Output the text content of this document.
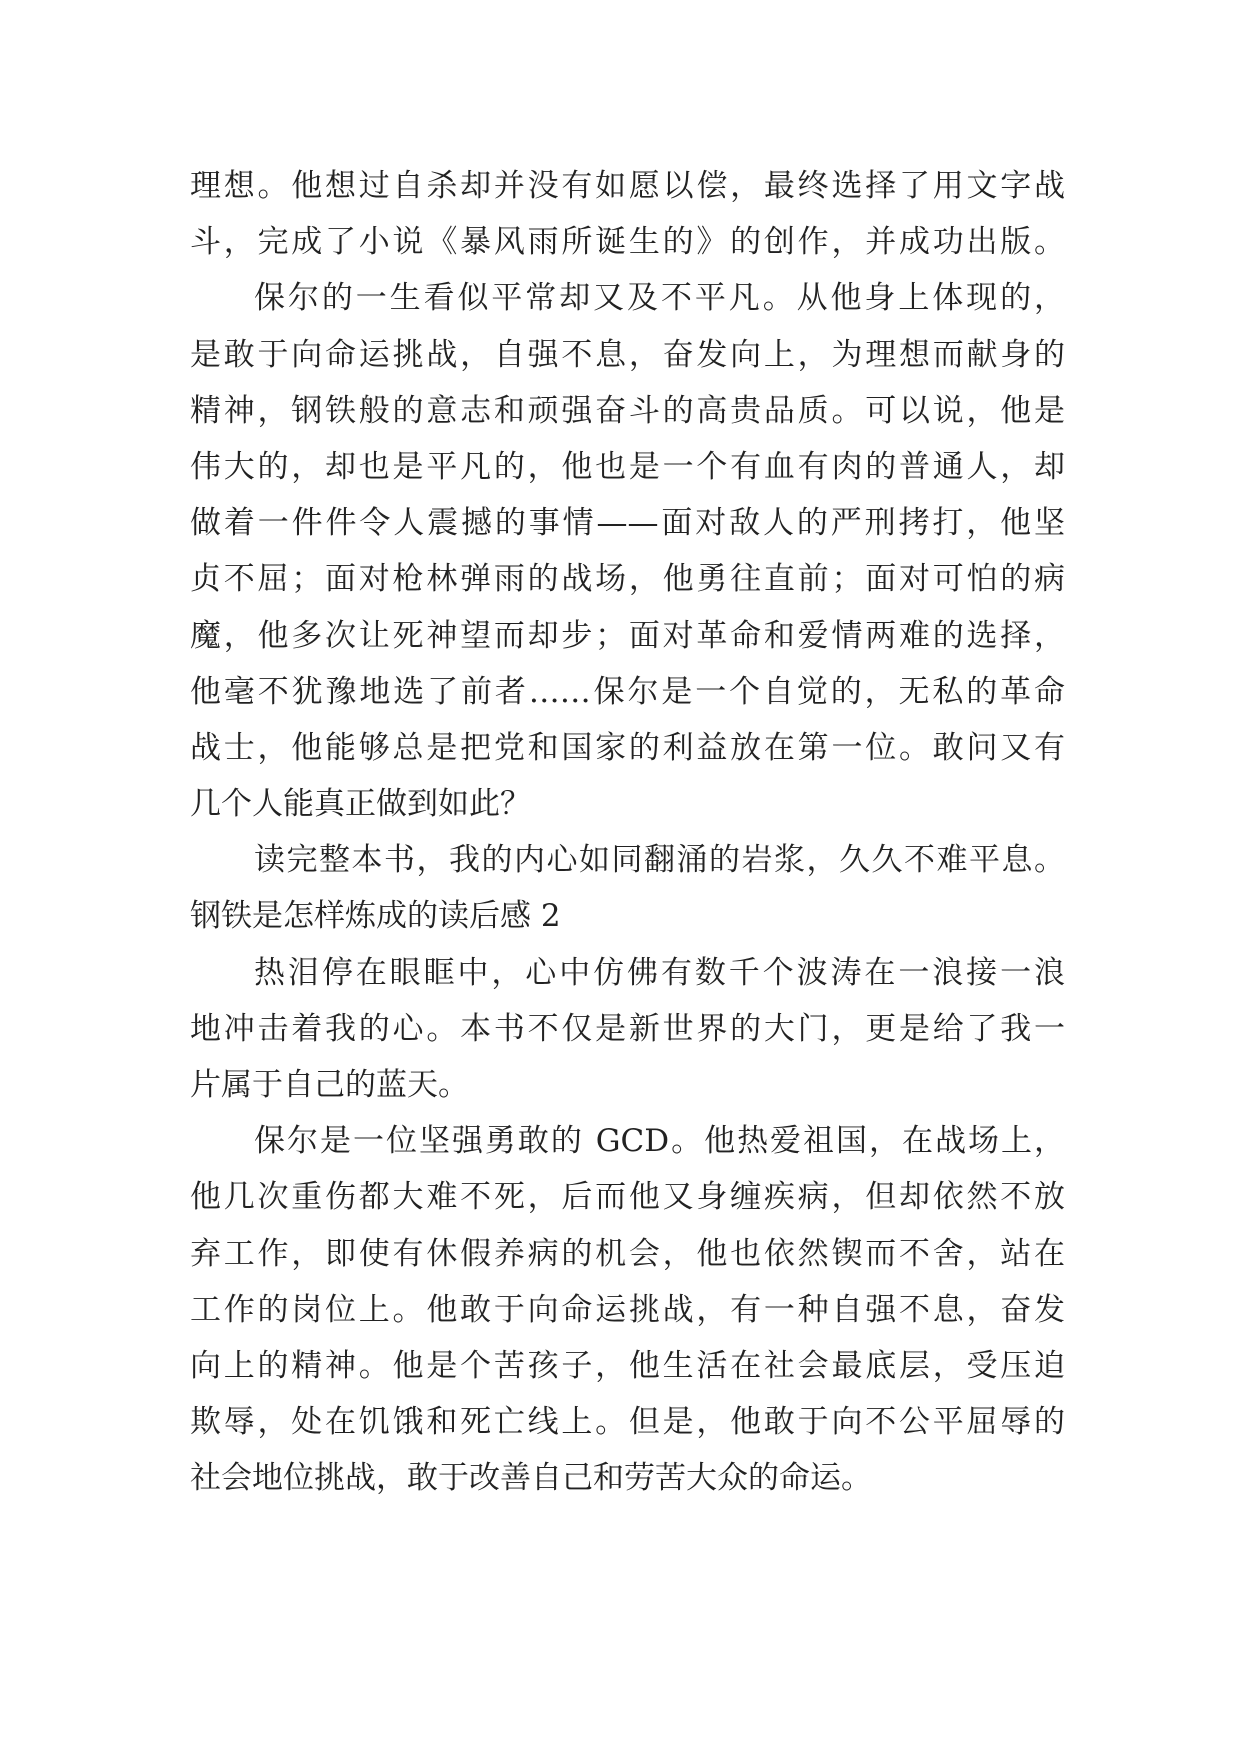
理想。他想过自杀却并没有如愿以偿，最终选择了用文字战
斗，完成了小说《暴风雨所诞生的》的创作，并成功出版。
保尔的一生看似平常却又及不平凡。从他身上体现的，
是敢于向命运挑战，自强不息，奋发向上，为理想而献身的
精神，钢铁般的意志和顽强奋斗的高贵品质。可以说，他是
伟大的，却也是平凡的，他也是一个有血有肉的普通人，却
做着一件件令人震撼的事情——面对敌人的严刑拷打，他坚
贞不屈；面对枪林弹雨的战场，他勇往直前；面对可怕的病
魔，他多次让死神望而却步；面对革命和爱情两难的选择，
他毫不犹豫地选了前者……保尔是一个自觉的，无私的革命
战士，他能够总是把党和国家的利益放在第一位。敢问又有
几个人能真正做到如此？
读完整本书，我的内心如同翻涌的岩浆，久久不难平息。
钢铁是怎样炼成的读后感 2
热泪停在眼眶中，心中仿佛有数千个波涛在一浪接一浪
地冲击着我的心。本书不仅是新世界的大门，更是给了我一
片属于自己的蓝天。
保尔是一位坚强勇敢的 GCD。他热爱祖国，在战场上，
他几次重伤都大难不死，后而他又身缠疾病，但却依然不放
弃工作，即使有休假养病的机会，他也依然锲而不舍，站在
工作的岗位上。他敢于向命运挑战，有一种自强不息，奋发
向上的精神。他是个苦孩子，他生活在社会最底层，受压迫
欺辱，处在饥饿和死亡线上。但是，他敢于向不公平屈辱的
社会地位挑战，敢于改善自己和劳苦大众的命运。
